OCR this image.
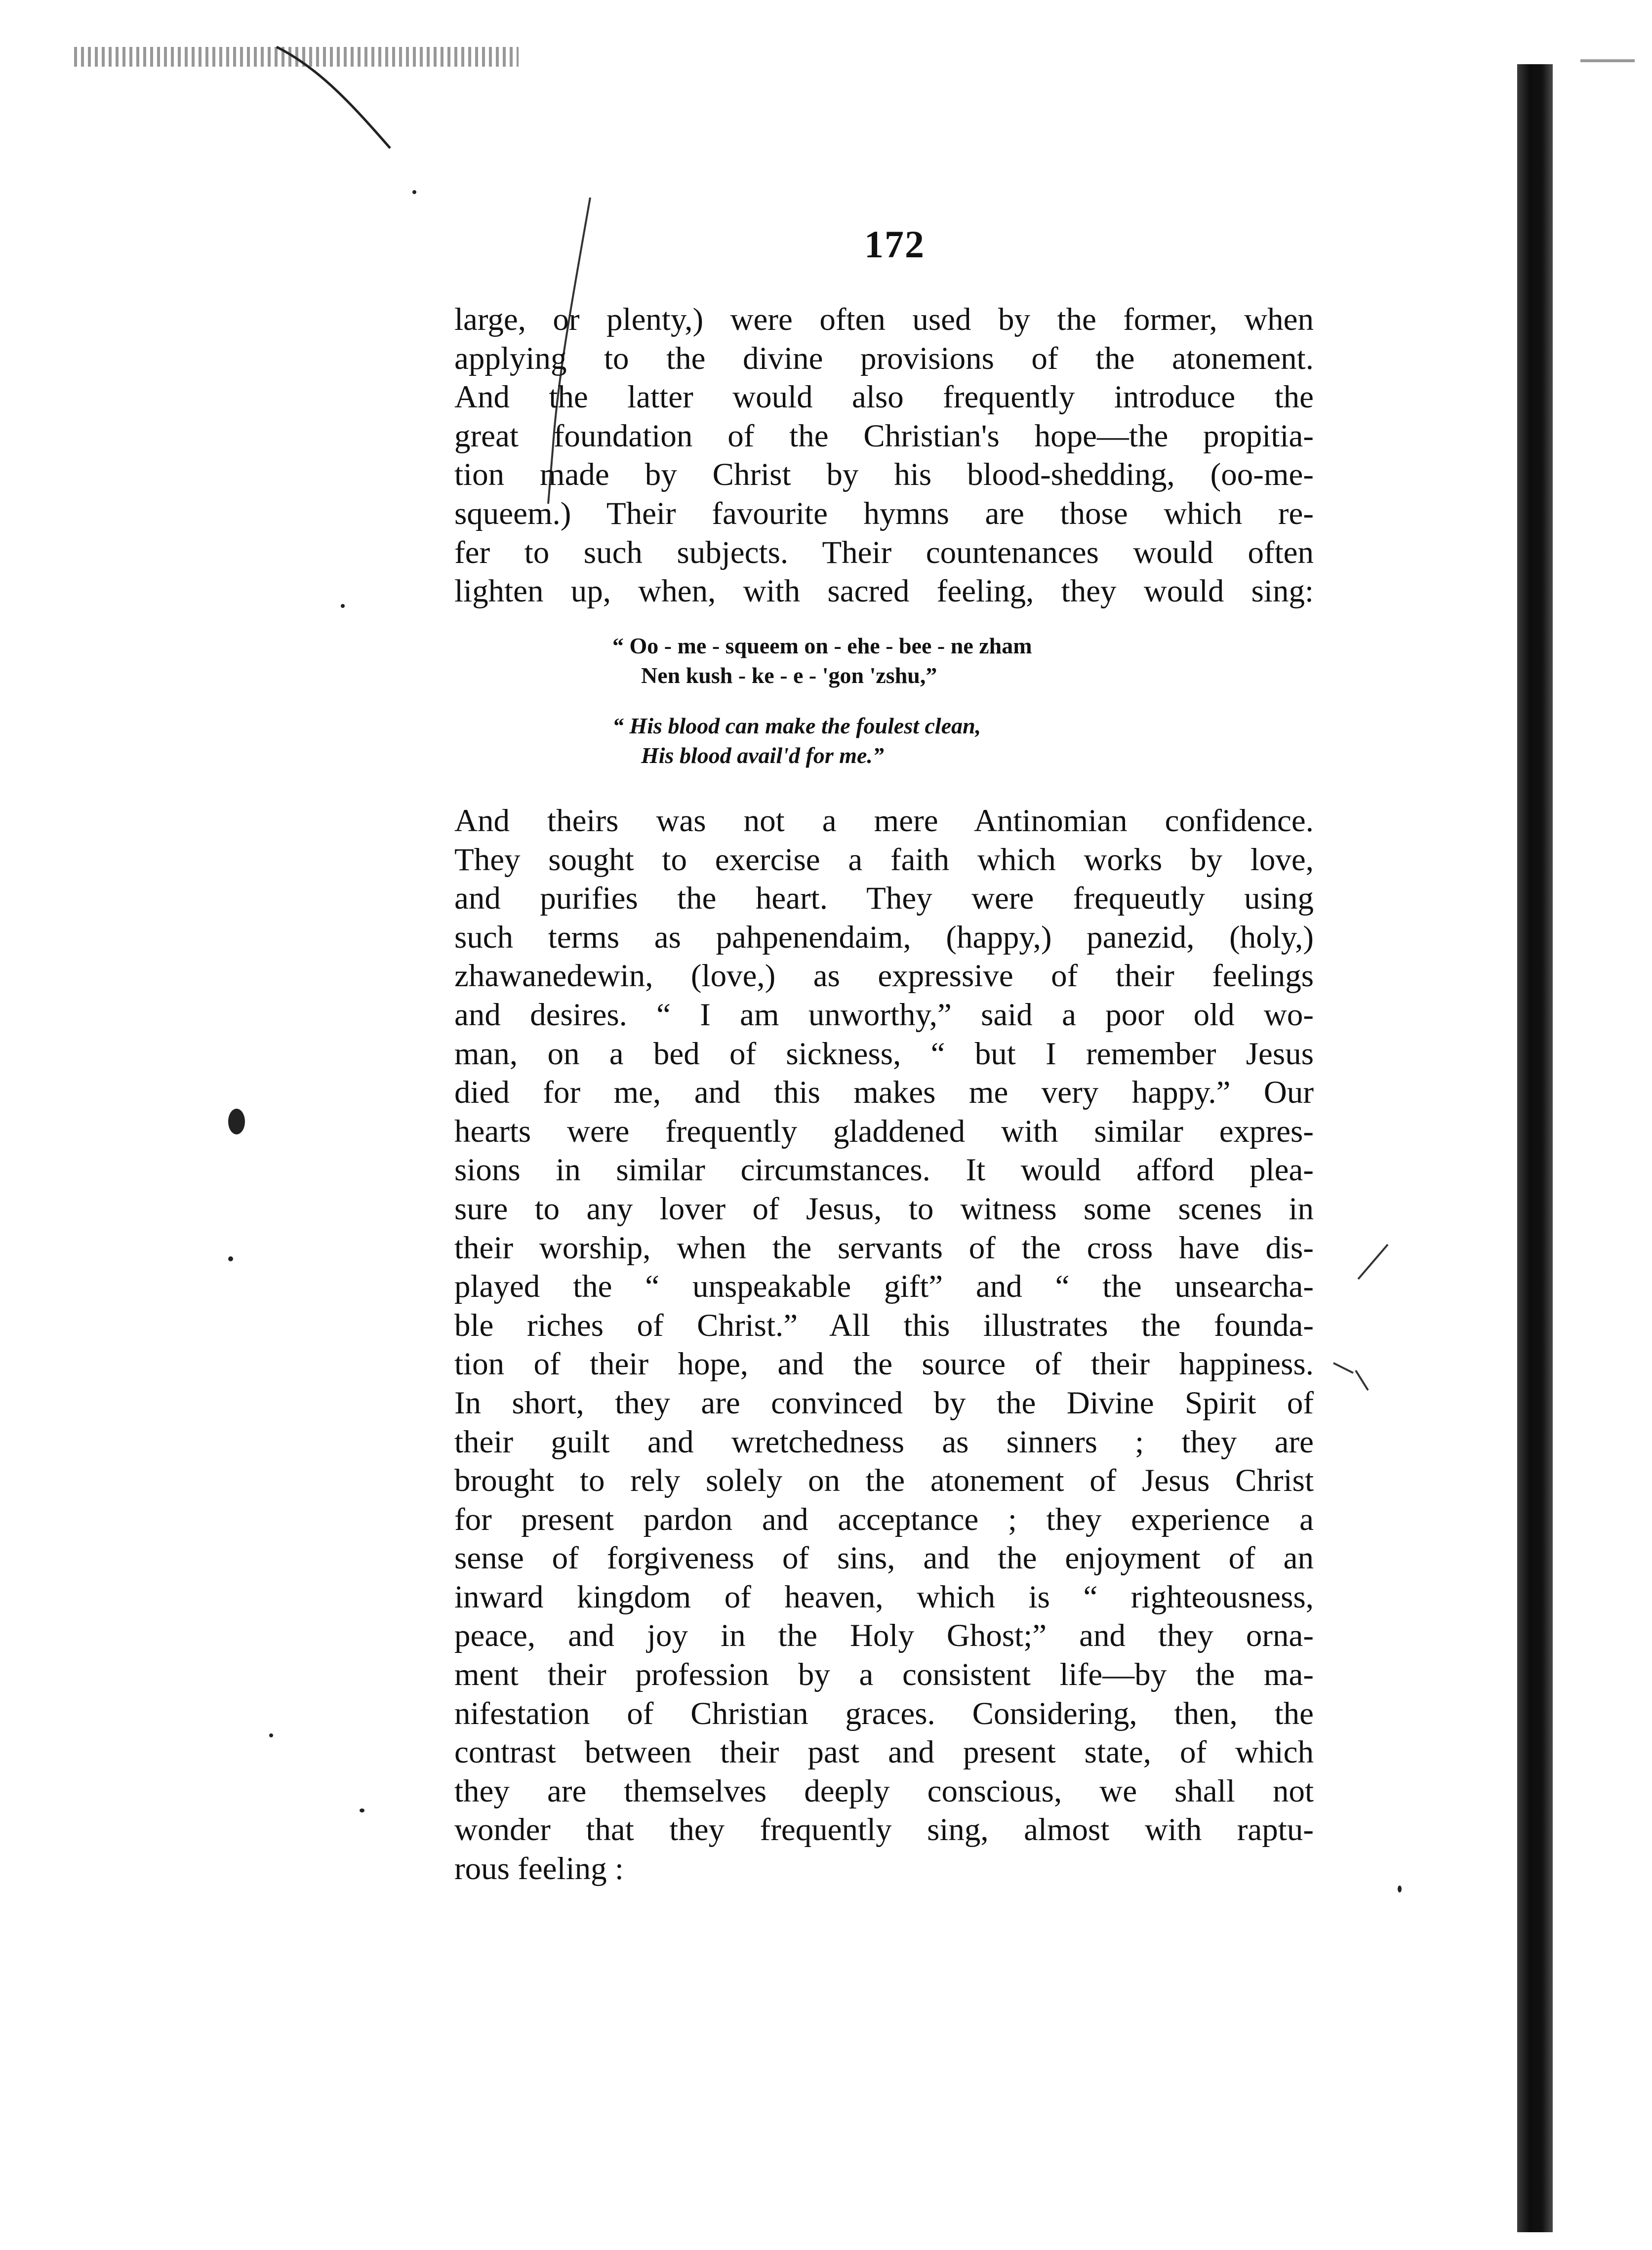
172
large, or plenty,) were often used by the former, when
applying to the divine provisions of the atonement.
And the latter would also frequently introduce the
great foundation of the Christian's hope—the propitia-
tion made by Christ by his blood-shedding, (oo-me-
squeem.) Their favourite hymns are those which re-
fer to such subjects. Their countenances would often
lighten up, when, with sacred feeling, they would sing:
“ Oo - me - squeem on - ehe - bee - ne zham
Nen kush - ke - e - 'gon 'zshu,”
“ His blood can make the foulest clean,
His blood avail'd for me.”
And theirs was not a mere Antinomian confidence.
They sought to exercise a faith which works by love,
and purifies the heart. They were frequeutly using
such terms as pahpenendaim, (happy,) panezid, (holy,)
zhawanedewin, (love,) as expressive of their feelings
and desires. “ I am unworthy,” said a poor old wo-
man, on a bed of sickness, “ but I remember Jesus
died for me, and this makes me very happy.” Our
hearts were frequently gladdened with similar expres-
sions in similar circumstances. It would afford plea-
sure to any lover of Jesus, to witness some scenes in
their worship, when the servants of the cross have dis-
played the “ unspeakable gift” and “ the unsearcha-
ble riches of Christ.” All this illustrates the founda-
tion of their hope, and the source of their happiness.
In short, they are convinced by the Divine Spirit of
their guilt and wretchedness as sinners ; they are
brought to rely solely on the atonement of Jesus Christ
for present pardon and acceptance ; they experience a
sense of forgiveness of sins, and the enjoyment of an
inward kingdom of heaven, which is “ righteousness,
peace, and joy in the Holy Ghost;” and they orna-
ment their profession by a consistent life—by the ma-
nifestation of Christian graces. Considering, then, the
contrast between their past and present state, of which
they are themselves deeply conscious, we shall not
wonder that they frequently sing, almost with raptu-
rous feeling :
